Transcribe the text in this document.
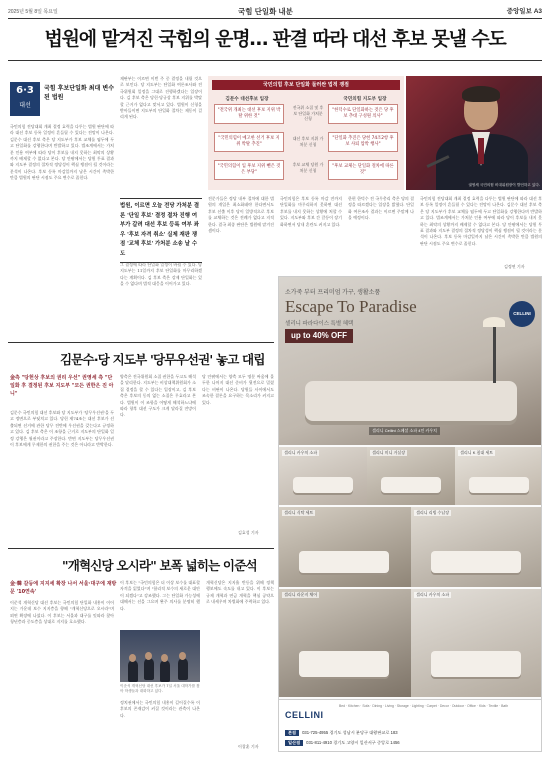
2025년 5월 8일 목요일	국힘 단일화 내분	중앙일보 A3
법원에 맡겨진 국힘의 운명… 판결 따라 대선 후보 못낼 수도
6·3
대선
국힘 후보단일화 최대 변수 된 법원
국민의힘 전당대회 개최 결정 효력을 다투는 법원 판단에 따라 대선 후보 등록 일정이 흔들릴 수 있다는 전망이 나온다. 김문수 대선 후보 측은 당 지도부가 후보 교체를 염두에 두고 단일화를 강행한다며 반발하고 있다. 법조계에서는 가처분 인용 여부에 따라 당이 후보를 내지 못하는 최악의 상황까지 배제할 수 없다고 본다. 당 안팎에서는 당원 투표 결과와 지도부 결정의 절차적 정당성이 핵심 쟁점이 될 것이라는 분석이 나온다. 후보 등록 마감일까지 남은 시간이 촉박한 만큼 법원의 판단 시점도 주요 변수로 꼽힌다.
재판부는 이르면 이번 주 중 결정을 내릴 것으로 보인다. 당 지도부는 단일화 여론조사와 전국위원회 일정을 그대로 진행하겠다는 입장이다. 김 후보 측은 당헌·당규상 후보 지위를 박탈할 근거가 없다고 맞서고 있다. 법원이 신청을 받아들이면 지도부의 단일화 절차는 제동이 걸리게 된다.
법원, 이르면 오늘 전당 가처분 결론 '단일 후보' 결정 절차 진행 여부가 갈려 대선 후보 등록 여부 좌우 '후보 자격 취소' 실제 재판 쟁점 '교체 후보' 가처분 소송 날 수도
그 결정에 따라 단일화 일정이 바뀔 수 있다. 당 지도부는 11일까지 후보 단일화를 마무리하겠다는 계획이다. 김 후보 측은 강제 단일화는 있을 수 없다며 법적 대응을 이어가고 있다.
전문가들은 정당 내부 절차에 대한 법원의 개입은 최소화돼야 한다면서도 후보 선출 이후 당이 일방적으로 후보를 교체하는 것은 전례가 없다고 지적한다. 결국 최종 판단은 법원에 맡겨진 셈이다.
국민의힘은 후보 등록 마감 전까지 단일화를 마무리하지 못하면 대선 후보를 내지 못하는 상황에 처할 수 있다. 지도부와 후보 간 갈등이 장기화하면서 당내 혼란도 커지고 있다.
한편 한덕수 전 국무총리 측은 당의 결정을 따르겠다는 입장을 밝혔다. 단일화 여론조사 결과는 이르면 주말께 나올 예정이다.
국민의힘 전당대회 개최 결정 효력을 다투는 법원 판단에 따라 대선 후보 등록 일정이 흔들릴 수 있다는 전망이 나온다. 김문수 대선 후보 측은 당 지도부가 후보 교체를 염두에 두고 단일화를 강행한다며 반발하고 있다. 법조계에서는 가처분 인용 여부에 따라 당이 후보를 내지 못하는 최악의 상황까지 배제할 수 없다고 본다. 당 안팎에서는 당원 투표 결과와 지도부 결정의 절차적 정당성이 핵심 쟁점이 될 것이라는 분석이 나온다. 후보 등록 마감일까지 남은 시간이 촉박한 만큼 법원의 판단 시점도 주요 변수로 꼽힌다.
김정연 기자
국민의힘 후보 단일화 둘러싼 법적 쟁점
김문수 대선후보 입장	국민의힘 지도부 입장
"전국위 개최는 대선 후보 지위 박탈 위한 것"
"한덕수로 단일화하는 것은 당 후보 추대 구성원 의사"
전국위 소집 및 후보 단일화 가처분 신청
"국민의힘이 예고한 선거 후보 지위 박탈 추진"
"단일화 추진은 당헌 74조2항 후보 사퇴 압박 행사"
대선 후보 지위 가처분 신청
"국민의힘이 입 후보 지위 뺀은 것은 부당"
"후보 교체는 단일화 절차에 따른 것"
후보 교체 당원 가처분 신청
권영세 국민의힘 비대위원장이 발언하고 있다.
김문수·당 지도부 '당무우선권' 놓고 대립
金측 "당헌상 후보의 권리 우선" 권영세 측 "단일화 후 결정된 후보 지도부 "모든 권한은 진 아니"
김문수 국민의힘 대선 후보와 당 지도부가 '당무우선권'을 두고 정면으로 부딪치고 있다. 당헌 제74조는 대선 후보가 선출되면 선거에 관한 당무 전반에 우선권을 갖는다고 규정하고 있다. 김 후보 측은 이 조항을 근거로 지도부의 단일화 일정 강행은 월권이라고 주장한다. 반면 지도부는 당무우선권이 후보에게 무제한의 권한을 주는 것은 아니라고 반박한다.
양측은 전국위원회 소집 권한을 두고도 해석을 달리한다. 지도부는 비상대책위원회가 소집 결정을 할 수 있다는 입장이고, 김 후보 측은 후보의 동의 없는 소집은 무효라고 본다. 법원이 이 조항을 어떻게 해석하느냐에 따라 향후 대선 구도가 크게 달라질 전망이다.
당 안팎에서는 양측 모두 명분 싸움에 몰두한 나머지 대선 준비가 뒷전으로 밀렸다는 비판이 나온다. 당원들 사이에서도 조속한 결론을 요구하는 목소리가 커지고 있다.
김효성 기자
"개혁신당 오시라" 보폭 넓히는 이준석
金·韓 갈등에 지지세 확장 나서 서울·대구에 재방문 '10연속'
이준석 개혁신당 대선 후보는 국민의힘 단일화 내홍이 이어지는 가운데 보수 지지층을 향해 "개혁신당으로 오시라"며 외연 확장에 나섰다. 이 후보는 서울과 대구를 잇따라 찾아 청년층과 중도층을 상대로 지지를 호소했다.
이 후보는 "국민의힘은 더 이상 보수를 대표할 자격을 잃었다"며 "합리적 보수의 새로운 대안이 되겠다"고 강조했다. 그는 단일화 가능성에 대해서는 선을 그으며 완주 의사를 분명히 했다.
이준석 개혁신당 대선 후보가 7일 서울 대학가를 찾아 학생들과 대화하고 있다.
정치권에서는 국민의힘 내홍이 길어질수록 이 후보의 존재감이 커질 것이라는 관측이 나온다.
개혁신당은 지지율 반등을 위해 정책 행보에도 속도를 내고 있다. 이 후보는 규제 개혁과 연금 개혁을 핵심 공약으로 내세우며 차별화에 주력하고 있다.
이창훈 기자
소가죽 부터 프리미엄 가구, 생활소품
Escape To Paradise
셀리니 파라다이스 특별 혜택
up to 40% OFF
CELLINI
셀리니 Cellini 스페셜 소파 4인 카우치
셀리니 카우치 소파	셀리니 미니 거실장	셀리니 K 침대 세트
셀리니 식탁 세트	셀리니 리빙 수납장
셀리니 라운지 체어	셀리니 카우치 소파
CELLINI
Bed · Kitchen · Sofa · Dining · Living · Storage · Lighting · Carpet · Decor · Outdoor · Office · Kids · Textile · Bath
본점 031-725-4955 경기도 성남시 분당구 대왕판교로 183
일산점 031-811-4910 경기도 고양시 일산서구 중앙로 1456
